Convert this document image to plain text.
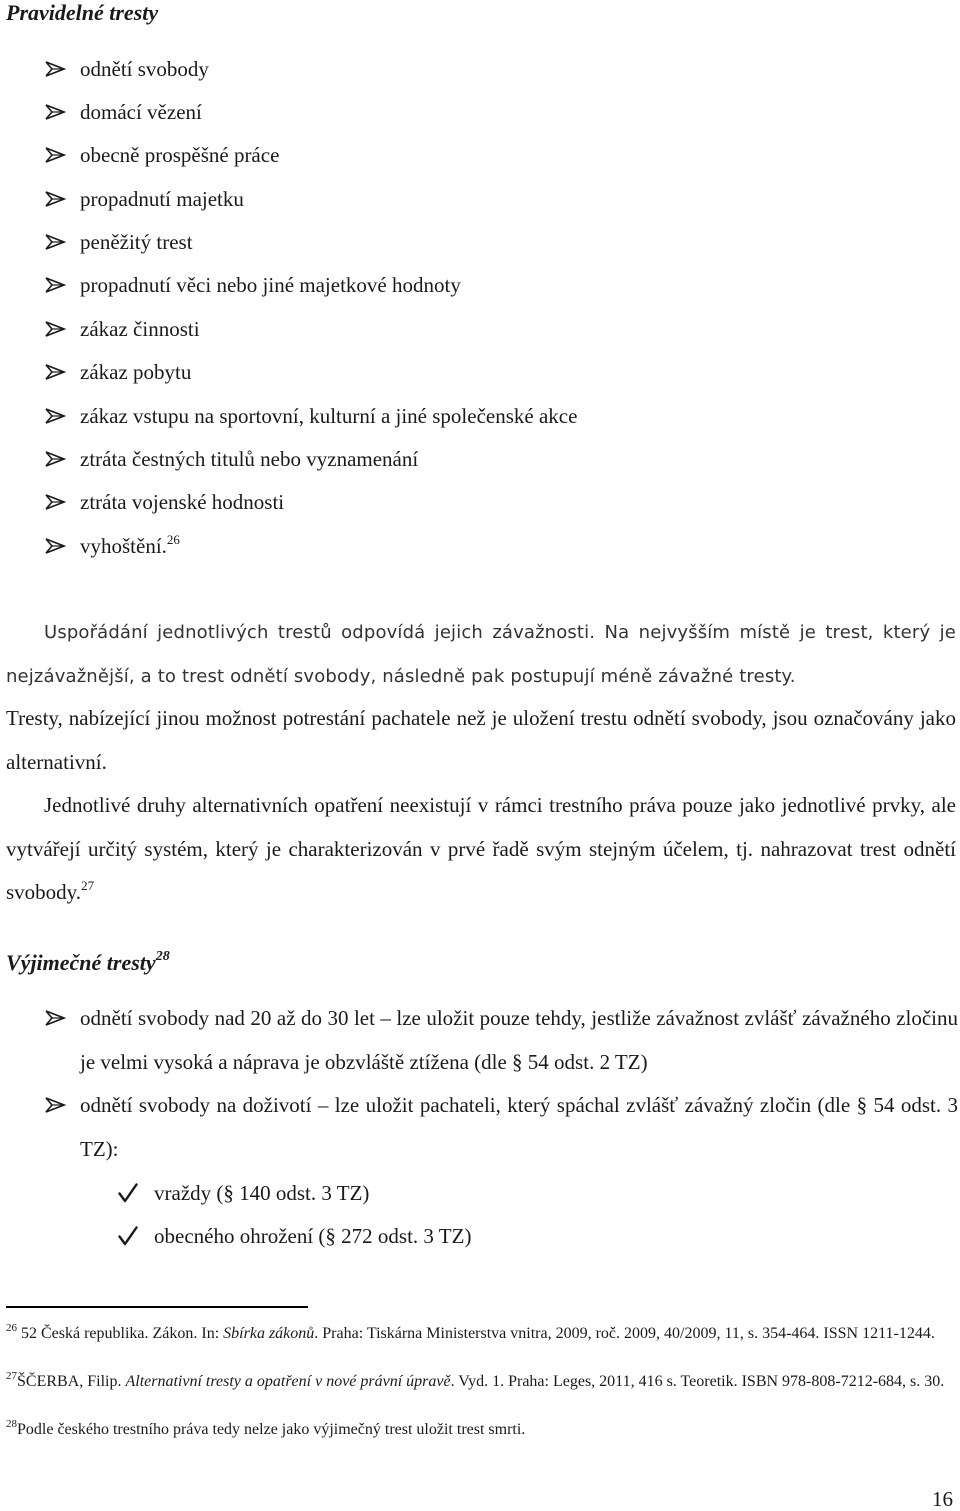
Pravidelné tresty
odnětí svobody
domácí vězení
obecně prospěšné práce
propadnutí majetku
peněžitý trest
propadnutí věci nebo jiné majetkové hodnoty
zákaz činnosti
zákaz pobytu
zákaz vstupu na sportovní, kulturní a jiné společenské akce
ztráta čestných titulů nebo vyznamenání
ztráta vojenské hodnosti
vyhoštění.$^{26}$

Uspořádání jednotlivých trestů odpovídá jejich závažnosti. Na nejvyšším místě je trest, který je nejzávažnější, a to trest odnětí svobody, následně pak postupují méně závažné tresty.

Tresty, nabízející jinou možnost potrestání pachatele než je uložení trestu odnětí svobody, jsou označovány jako alternativní.

Jednotlivé druhy alternativních opatření neexistují v rámci trestního práva pouze jako jednotlivé prvky, ale vytvářejí určitý systém, který je charakterizován v prvé řadě svým stejným účelem, tj. nahrazovat trest odnětí svobody.$^{27}$

Výjimečné tresty$^{28}$
odnětí svobody nad 20 až do 30 let – lze uložit pouze tehdy, jestliže závažnost zvlášť závažného zločinu je velmi vysoká a náprava je obzvláště ztížena (dle § 54 odst. 2 TZ)
odnětí svobody na doživotí – lze uložit pachateli, který spáchal zvlášť závažný zločin (dle § 54 odst. 3 TZ):
vraždy (§ 140 odst. 3 TZ)
obecného ohrožení (§ 272 odst. 3 TZ)

$^{26}$ 52 Česká republika. Zákon. In: Sbírka zákonů. Praha: Tiskárna Ministerstva vnitra, 2009, roč. 2009, 40/2009, 11, s. 354-464. ISSN 1211-1244.

$^{27}$ŠČERBA, Filip. Alternativní tresty a opatření v nové právní úpravě. Vyd. 1. Praha: Leges, 2011, 416 s. Teoretik. ISBN 978-808-7212-684, s. 30.

$^{28}$Podle českého trestního práva tedy nelze jako výjimečný trest uložit trest smrti.

16
